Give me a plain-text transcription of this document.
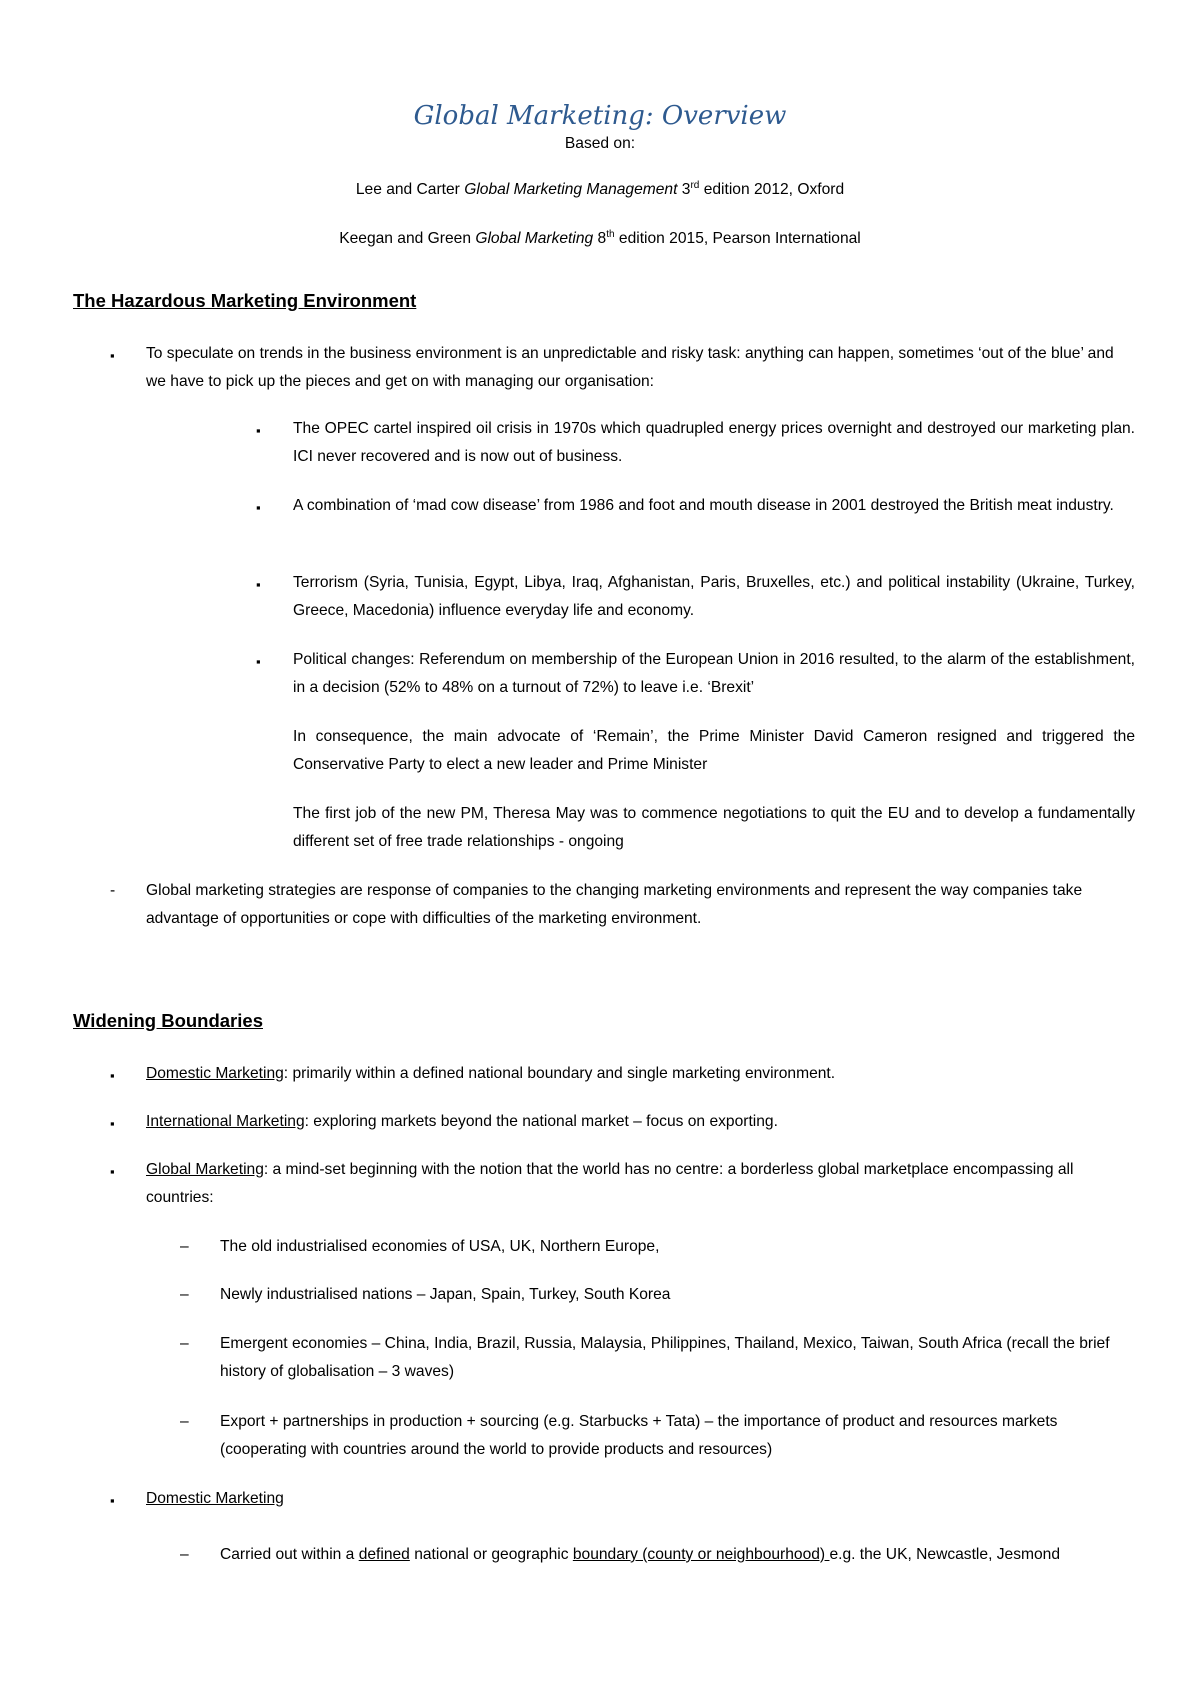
Global Marketing: Overview
Based on:
Lee and Carter Global Marketing Management 3rd edition 2012, Oxford
Keegan and Green Global Marketing 8th edition 2015, Pearson International
The Hazardous Marketing Environment
▪ To speculate on trends in the business environment is an unpredictable and risky task: anything can happen, sometimes ‘out of the blue’ and we have to pick up the pieces and get on with managing our organisation:
▪ The OPEC cartel inspired oil crisis in 1970s which quadrupled energy prices overnight and destroyed our marketing plan. ICI never recovered and is now out of business.
▪ A combination of ‘mad cow disease’ from 1986 and foot and mouth disease in 2001 destroyed the British meat industry.
▪ Terrorism (Syria, Tunisia, Egypt, Libya, Iraq, Afghanistan, Paris, Bruxelles, etc.) and political instability (Ukraine, Turkey, Greece, Macedonia) influence everyday life and economy.
▪ Political changes: Referendum on membership of the European Union in 2016 resulted, to the alarm of the establishment, in a decision (52% to 48% on a turnout of 72%) to leave i.e. ‘Brexit’
In consequence, the main advocate of ‘Remain’, the Prime Minister David Cameron resigned and triggered the Conservative Party to elect a new leader and Prime Minister
The first job of the new PM, Theresa May was to commence negotiations to quit the EU and to develop a fundamentally different set of free trade relationships - ongoing
- Global marketing strategies are response of companies to the changing marketing environments and represent the way companies take advantage of opportunities or cope with difficulties of the marketing environment.
Widening Boundaries
▪ Domestic Marketing: primarily within a defined national boundary and single marketing environment.
▪ International Marketing: exploring markets beyond the national market – focus on exporting.
▪ Global Marketing: a mind-set beginning with the notion that the world has no centre: a borderless global marketplace encompassing all countries:
– The old industrialised economies of USA, UK, Northern Europe,
– Newly industrialised nations – Japan, Spain, Turkey, South Korea
– Emergent economies – China, India, Brazil, Russia, Malaysia, Philippines, Thailand, Mexico, Taiwan, South Africa (recall the brief history of globalisation – 3 waves)
– Export + partnerships in production + sourcing (e.g. Starbucks + Tata) – the importance of product and resources markets (cooperating with countries around the world to provide products and resources)
▪ Domestic Marketing
– Carried out within a defined national or geographic boundary (county or neighbourhood) e.g. the UK, Newcastle, Jesmond
